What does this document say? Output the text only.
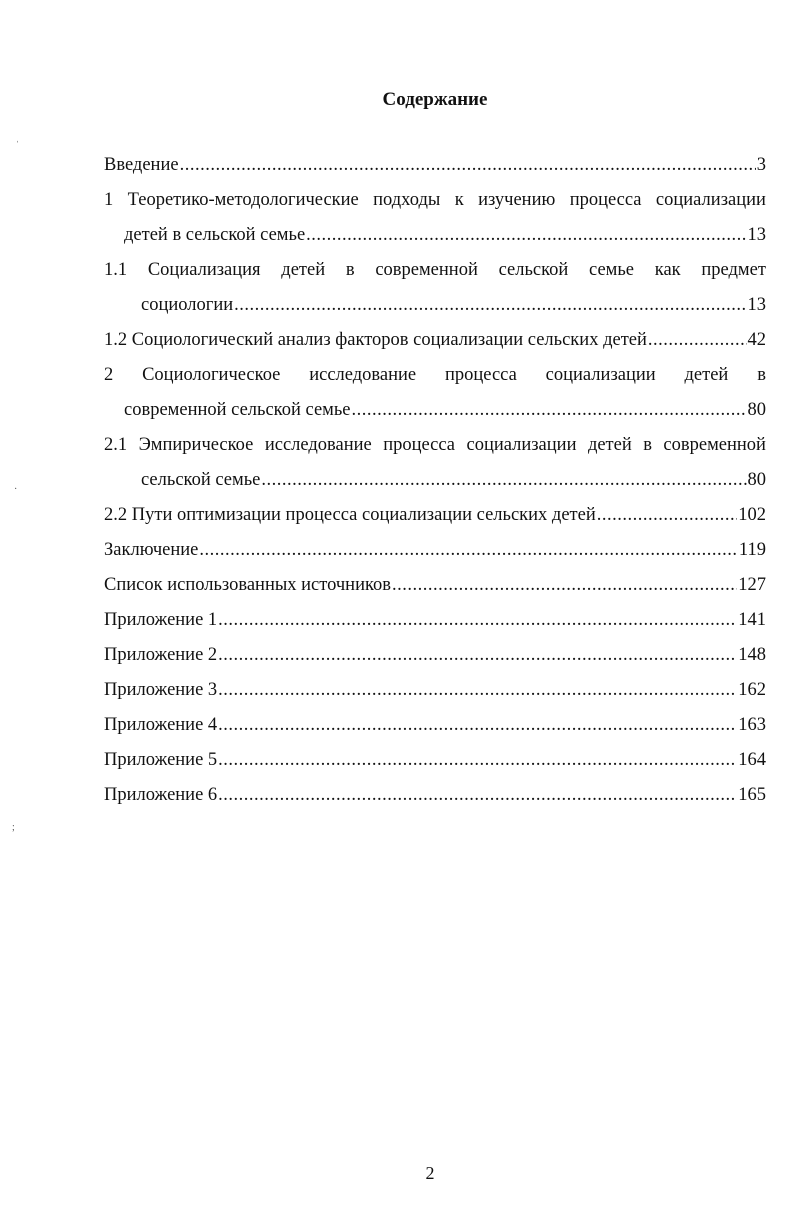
Содержание
Введение .....	3
1 Теоретико-методологические подходы к изучению процесса социализации
детей в сельской семье .....	13
1.1 Социализация детей в современной сельской семье как предмет
социологии .....	13
1.2 Социологический анализ факторов социализации сельских детей .....	42
2 Социологическое исследование процесса социализации детей в
современной сельской семье .....	80
2.1 Эмпирическое исследование процесса социализации детей в современной
сельской семье .....	80
2.2 Пути оптимизации процесса социализации сельских детей .....	102
Заключение .....	119
Список использованных источников .....	127
Приложение 1 .....	141
Приложение 2 .....	148
Приложение 3 .....	162
Приложение 4 .....	163
Приложение 5 .....	164
Приложение 6 .....	165
2
ˈ
·
;
